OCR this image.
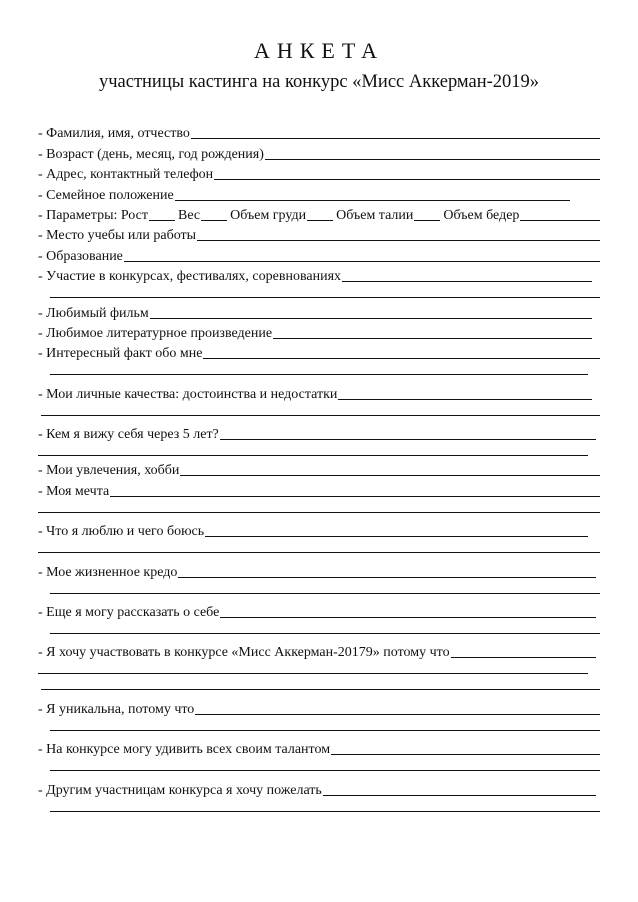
АНКЕТА
участницы кастинга на конкурс «Мисс Аккерман-2019»
- Фамилия, имя, отчество
- Возраст (день, месяц, год рождения)
- Адрес, контактный телефон
- Семейное положение
- Параметры:
Рост Вес Объем груди Объем талии Объем бедер
- Место учебы или работы
- Образование
- Участие в конкурсах, фестивалях, соревнованиях
- Любимый фильм
- Любимое литературное произведение
- Интересный факт обо мне
- Мои личные качества: достоинства и недостатки
- Кем я вижу себя через 5 лет?
- Мои увлечения, хобби
- Моя мечта
- Что я люблю и чего боюсь
- Мое жизненное кредо
- Еще я могу рассказать о себе
- Я хочу участвовать в конкурсе «Мисс Аккерман-20179» потому что
- Я уникальна, потому что
- На конкурсе могу удивить всех своим талантом
- Другим участницам конкурса я хочу пожелать
